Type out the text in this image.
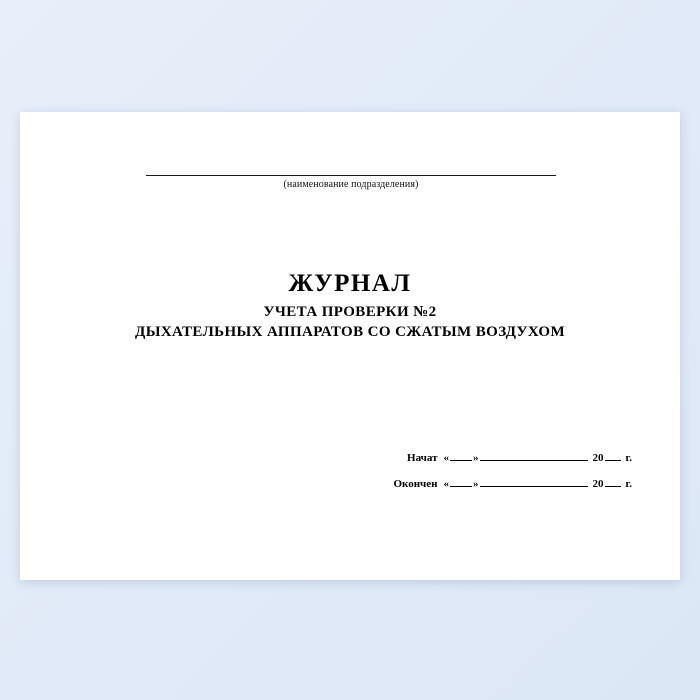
(наименование подразделения)
ЖУРНАЛ
УЧЕТА ПРОВЕРКИ №2
ДЫХАТЕЛЬНЫХ АППАРАТОВ СО СЖАТЫМ ВОЗДУХОМ
Начат « »	20 г.
Окончен « »	20 г.
